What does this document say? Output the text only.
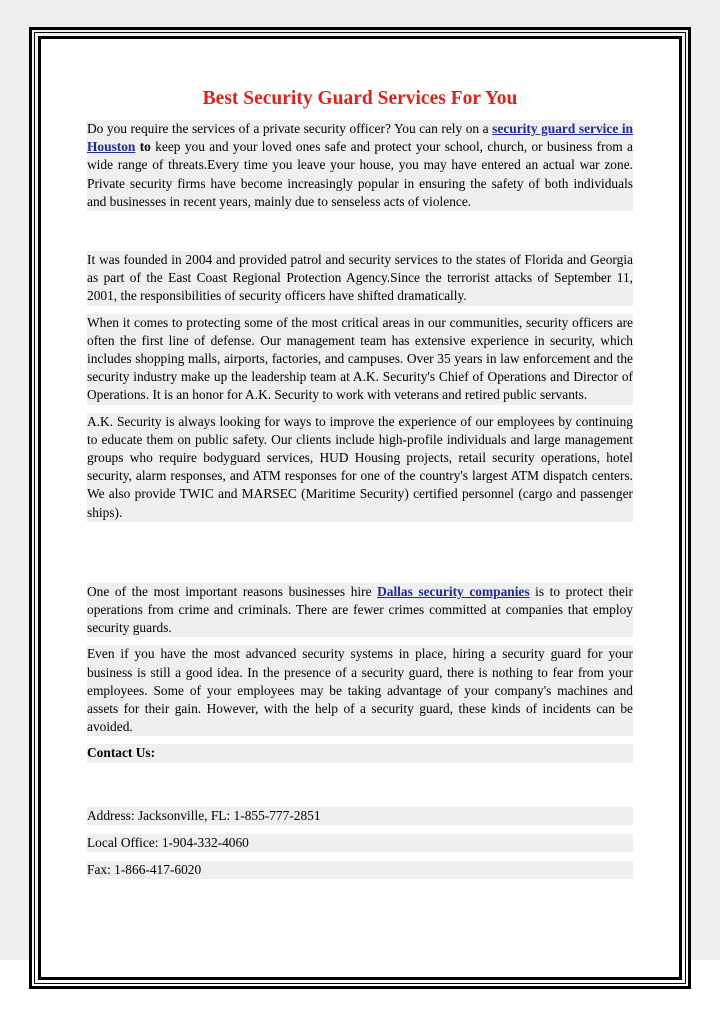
Best Security Guard Services For You

Do you require the services of a private security officer? You can rely on a security guard service in Houston to keep you and your loved ones safe and protect your school, church, or business from a wide range of threats.Every time you leave your house, you may have entered an actual war zone. Private security firms have become increasingly popular in ensuring the safety of both individuals and businesses in recent years, mainly due to senseless acts of violence.

It was founded in 2004 and provided patrol and security services to the states of Florida and Georgia as part of the East Coast Regional Protection Agency.Since the terrorist attacks of September 11, 2001, the responsibilities of security officers have shifted dramatically.

When it comes to protecting some of the most critical areas in our communities, security officers are often the first line of defense. Our management team has extensive experience in security, which includes shopping malls, airports, factories, and campuses. Over 35 years in law enforcement and the security industry make up the leadership team at A.K. Security's Chief of Operations and Director of Operations. It is an honor for A.K. Security to work with veterans and retired public servants.

A.K. Security is always looking for ways to improve the experience of our employees by continuing to educate them on public safety. Our clients include high-profile individuals and large management groups who require bodyguard services, HUD Housing projects, retail security operations, hotel security, alarm responses, and ATM responses for one of the country's largest ATM dispatch centers. We also provide TWIC and MARSEC (Maritime Security) certified personnel (cargo and passenger ships).

One of the most important reasons businesses hire Dallas security companies is to protect their operations from crime and criminals. There are fewer crimes committed at companies that employ security guards.

Even if you have the most advanced security systems in place, hiring a security guard for your business is still a good idea. In the presence of a security guard, there is nothing to fear from your employees. Some of your employees may be taking advantage of your company's machines and assets for their gain. However, with the help of a security guard, these kinds of incidents can be avoided.

Contact Us:

Address: Jacksonville, FL: 1-855-777-2851

Local Office: 1-904-332-4060

Fax: 1-866-417-6020
